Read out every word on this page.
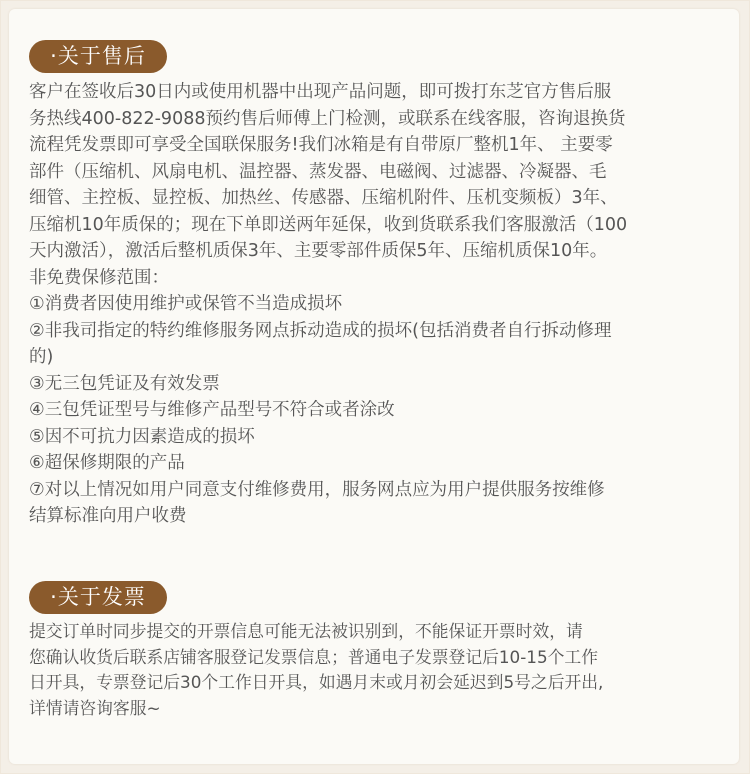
·关于售后
客户在签收后30日内或使用机器中出现产品问题，即可拨打东芝官方售后服
务热线400-822-9088预约售后师傅上门检测，或联系在线客服，咨询退换货
流程凭发票即可享受全国联保服务!我们冰箱是有自带原厂整机1年、 主要零
部件（压缩机、风扇电机、温控器、蒸发器、电磁阀、过滤器、冷凝器、毛
细管、主控板、显控板、加热丝、传感器、压缩机附件、压机变频板）3年、
压缩机10年质保的；现在下单即送两年延保，收到货联系我们客服激活（100
天内激活），激活后整机质保3年、主要零部件质保5年、压缩机质保10年。
非免费保修范围：
①消费者因使用维护或保管不当造成损坏
②非我司指定的特约维修服务网点拆动造成的损坏(包括消费者自行拆动修理
的)
③无三包凭证及有效发票
④三包凭证型号与维修产品型号不符合或者涂改
⑤因不可抗力因素造成的损坏
⑥超保修期限的产品
⑦对以上情况如用户同意支付维修费用，服务网点应为用户提供服务按维修
结算标准向用户收费
·关于发票
提交订单时同步提交的开票信息可能无法被识别到，不能保证开票时效，请
您确认收货后联系店铺客服登记发票信息；普通电子发票登记后10-15个工作
日开具，专票登记后30个工作日开具，如遇月末或月初会延迟到5号之后开出,
详情请咨询客服~
